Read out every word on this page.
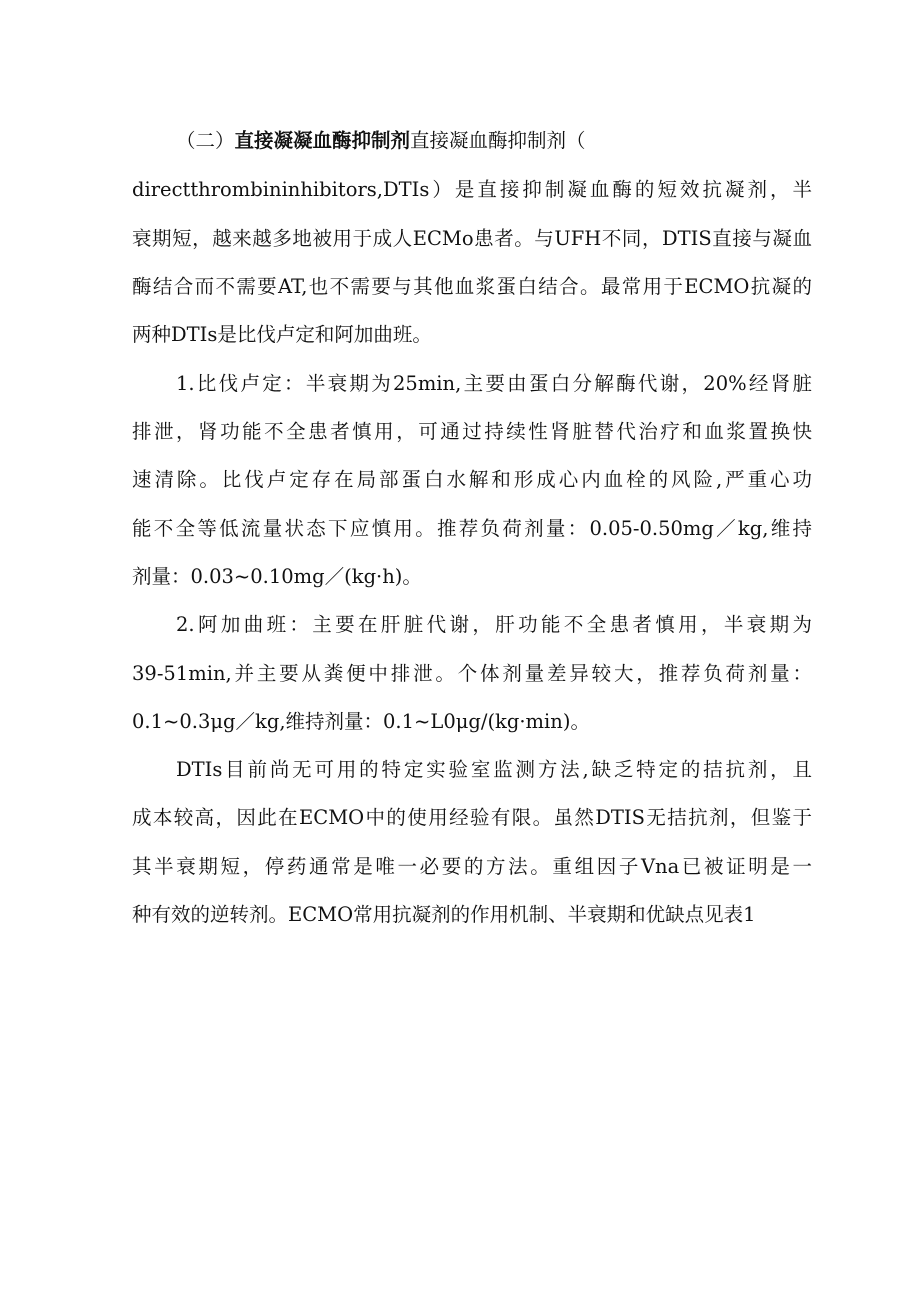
（二）直接凝凝血酶抑制剂直接凝血酶抑制剂（
directthrombininhibitors,DTIs）是直接抑制凝血酶的短效抗凝剂，半
衰期短，越来越多地被用于成人ECMo患者。与UFH不同，DTIS直接与凝血
酶结合而不需要AT,也不需要与其他血浆蛋白结合。最常用于ECMO抗凝的
两种DTIs是比伐卢定和阿加曲班。
1.比伐卢定：半衰期为25min,主要由蛋白分解酶代谢，20%经肾脏
排泄，肾功能不全患者慎用，可通过持续性肾脏替代治疗和血浆置换快
速清除。比伐卢定存在局部蛋白水解和形成心内血栓的风险,严重心功
能不全等低流量状态下应慎用。推荐负荷剂量：0.05-0.50mg／kg,维持
剂量：0.03~0.10mg／(kg·h)。
2.阿加曲班：主要在肝脏代谢，肝功能不全患者慎用，半衰期为
39-51min,并主要从粪便中排泄。个体剂量差异较大，推荐负荷剂量：
0.1~0.3μg／kg,维持剂量：0.1~L0μg/(kg·min)。
DTIs目前尚无可用的特定实验室监测方法,缺乏特定的拮抗剂，且
成本较高，因此在ECMO中的使用经验有限。虽然DTIS无拮抗剂，但鉴于
其半衰期短，停药通常是唯一必要的方法。重组因子Vna已被证明是一
种有效的逆转剂。ECMO常用抗凝剂的作用机制、半衰期和优缺点见表1
